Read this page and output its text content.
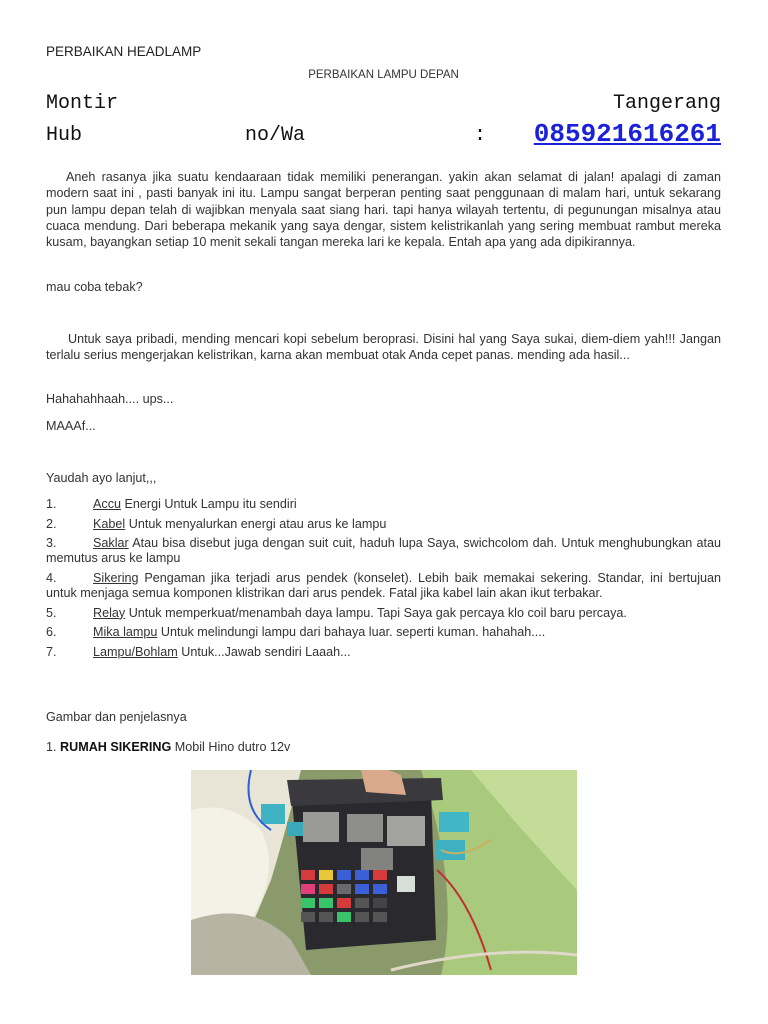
PERBAIKAN HEADLAMP
PERBAIKAN LAMPU DEPAN
Montir	Tangerang
Hub	no/Wa	: 085921616261
Aneh rasanya jika suatu kendaaraan tidak memiliki penerangan. yakin akan selamat di jalan! apalagi di zaman modern saat ini , pasti banyak ini itu. Lampu sangat berperan penting saat penggunaan di malam hari, untuk sekarang pun lampu depan telah di wajibkan menyala saat siang hari. tapi hanya wilayah tertentu, di pegunungan misalnya atau cuaca mendung. Dari beberapa mekanik yang saya dengar, sistem kelistrikanlah yang sering membuat rambut mereka kusam, bayangkan setiap 10 menit sekali tangan mereka lari ke kepala. Entah apa yang ada dipikirannya.
mau coba tebak?
Untuk saya pribadi, mending mencari kopi sebelum beroprasi. Disini hal yang Saya sukai, diem-diem yah!!! Jangan terlalu serius mengerjakan kelistrikan, karna akan membuat otak Anda cepet panas. mending ada hasil...
Hahahahhaah.... ups...
MAAAf...
Yaudah ayo lanjut,,,
1.	Accu Energi Untuk Lampu itu sendiri
2.	Kabel Untuk menyalurkan energi atau arus ke lampu
3.	Saklar Atau bisa disebut juga dengan suit cuit, haduh lupa Saya, swichcolom dah. Untuk menghubungkan atau memutus arus ke lampu
4.	Sikering Pengaman jika terjadi arus pendek (konselet). Lebih baik memakai sekering. Standar, ini bertujuan untuk menjaga semua komponen klistrikan dari arus pendek. Fatal jika kabel lain akan ikut terbakar.
5.	Relay Untuk memperkuat/menambah daya lampu. Tapi Saya gak percaya klo coil baru percaya.
6.	Mika lampu Untuk melindungi lampu dari bahaya luar. seperti kuman. hahahah....
7.	Lampu/Bohlam Untuk...Jawab sendiri Laaah...
Gambar dan penjelasnya
1. RUMAH SIKERING Mobil Hino dutro 12v
